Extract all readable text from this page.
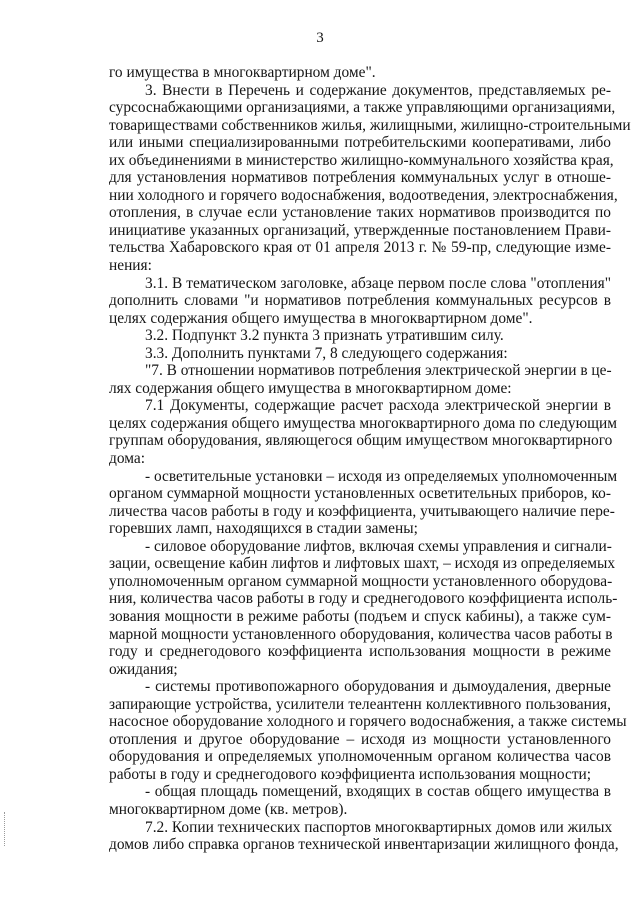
3
го имущества в многоквартирном доме".
3. Внести в Перечень и содержание документов, представляемых ре-
сурсоснабжающими организациями, а также управляющими организациями,
товариществами собственников жилья, жилищными, жилищно-строительными
или иными специализированными потребительскими кооперативами, либо
их объединениями в министерство жилищно-коммунального хозяйства края,
для установления нормативов потребления коммунальных услуг в отноше-
нии холодного и горячего водоснабжения, водоотведения, электроснабжения,
отопления, в случае если установление таких нормативов производится по
инициативе указанных организаций, утвержденные постановлением Прави-
тельства Хабаровского края от 01 апреля 2013 г. № 59-пр, следующие изме-
нения:
3.1. В тематическом заголовке, абзаце первом после слова "отопления"
дополнить словами "и нормативов потребления коммунальных ресурсов в
целях содержания общего имущества в многоквартирном доме".
3.2. Подпункт 3.2 пункта 3 признать утратившим силу.
3.3. Дополнить пунктами 7, 8 следующего содержания:
"7. В отношении нормативов потребления электрической энергии в це-
лях содержания общего имущества в многоквартирном доме:
7.1 Документы, содержащие расчет расхода электрической энергии в
целях содержания общего имущества многоквартирного дома по следующим
группам оборудования, являющегося общим имуществом многоквартирного
дома:
- осветительные установки – исходя из определяемых уполномоченным
органом суммарной мощности установленных осветительных приборов, ко-
личества часов работы в году и коэффициента, учитывающего наличие пере-
горевших ламп, находящихся в стадии замены;
- силовое оборудование лифтов, включая схемы управления и сигнали-
зации, освещение кабин лифтов и лифтовых шахт, – исходя из определяемых
уполномоченным органом суммарной мощности установленного оборудова-
ния, количества часов работы в году и среднегодового коэффициента исполь-
зования мощности в режиме работы (подъем и спуск кабины), а также сум-
марной мощности установленного оборудования, количества часов работы в
году и среднегодового коэффициента использования мощности в режиме
ожидания;
- системы противопожарного оборудования и дымоудаления, дверные
запирающие устройства, усилители телеантенн коллективного пользования,
насосное оборудование холодного и горячего водоснабжения, а также системы
отопления и другое оборудование – исходя из мощности установленного
оборудования и определяемых уполномоченным органом количества часов
работы в году и среднегодового коэффициента использования мощности;
- общая площадь помещений, входящих в состав общего имущества в
многоквартирном доме (кв. метров).
7.2. Копии технических паспортов многоквартирных домов или жилых
домов либо справка органов технической инвентаризации жилищного фонда,
